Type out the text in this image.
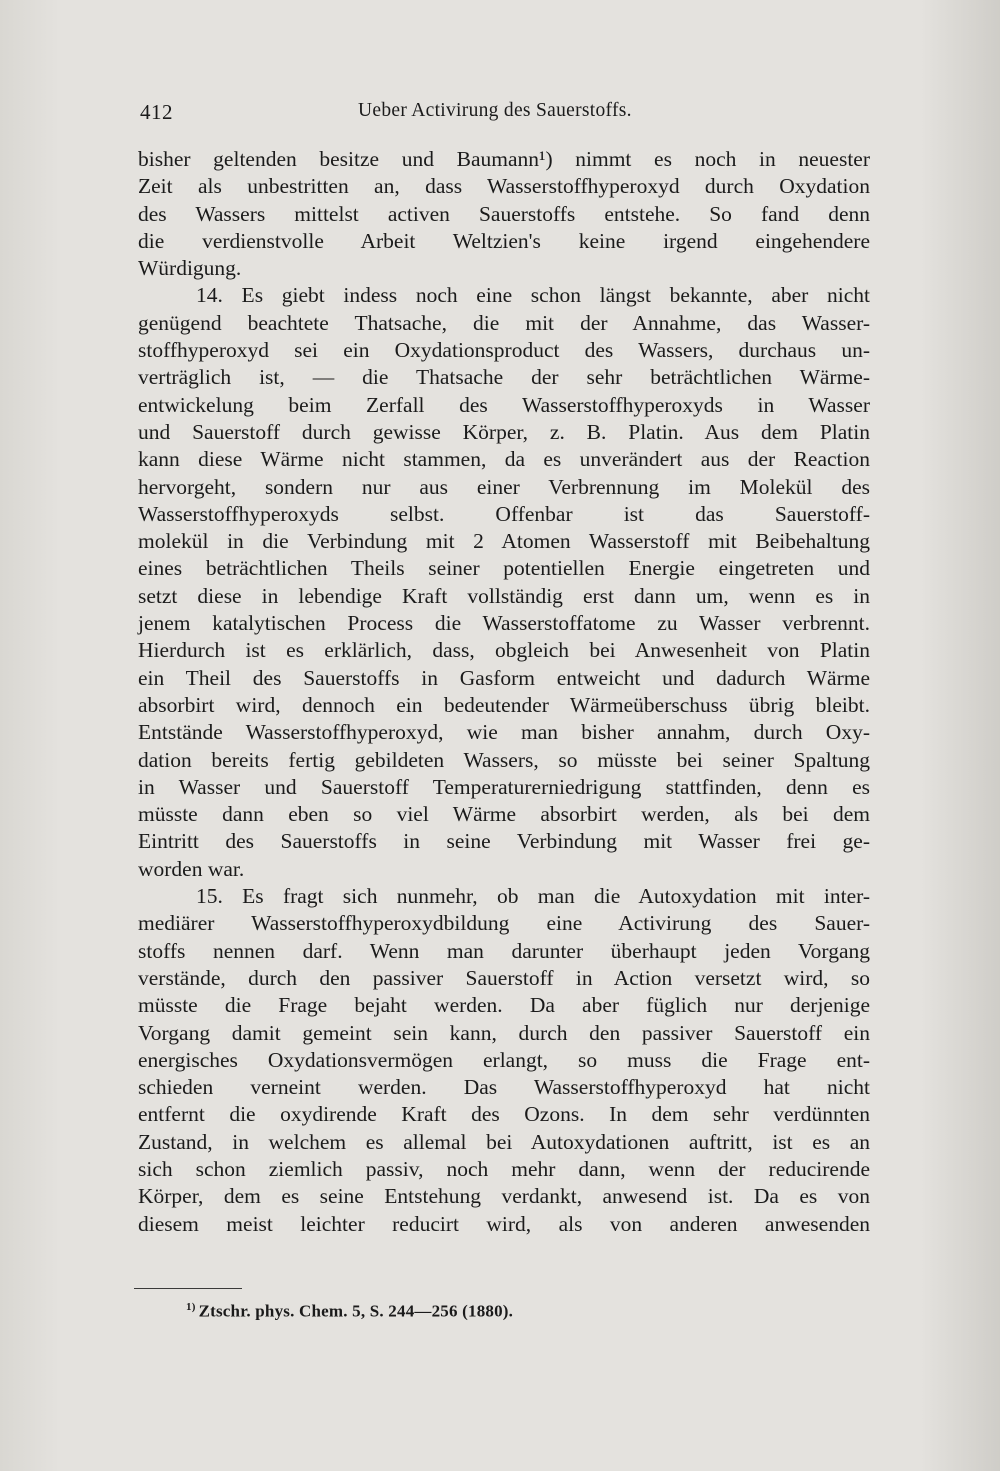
412	Ueber Activirung des Sauerstoffs.
bisher geltenden besitze und Baumann¹) nimmt es noch in neuester
Zeit als unbestritten an, dass Wasserstoffhyperoxyd durch Oxydation
des Wassers mittelst activen Sauerstoffs entstehe. So fand denn
die verdienstvolle Arbeit Weltzien's keine irgend eingehendere
Würdigung.
14. Es giebt indess noch eine schon längst bekannte, aber nicht
genügend beachtete Thatsache, die mit der Annahme, das Wasser-
stoffhyperoxyd sei ein Oxydationsproduct des Wassers, durchaus un-
verträglich ist, — die Thatsache der sehr beträchtlichen Wärme-
entwickelung beim Zerfall des Wasserstoffhyperoxyds in Wasser
und Sauerstoff durch gewisse Körper, z. B. Platin. Aus dem Platin
kann diese Wärme nicht stammen, da es unverändert aus der Reaction
hervorgeht, sondern nur aus einer Verbrennung im Molekül des
Wasserstoffhyperoxyds selbst. Offenbar ist das Sauerstoff-
molekül in die Verbindung mit 2 Atomen Wasserstoff mit Beibehaltung
eines beträchtlichen Theils seiner potentiellen Energie eingetreten und
setzt diese in lebendige Kraft vollständig erst dann um, wenn es in
jenem katalytischen Process die Wasserstoffatome zu Wasser verbrennt.
Hierdurch ist es erklärlich, dass, obgleich bei Anwesenheit von Platin
ein Theil des Sauerstoffs in Gasform entweicht und dadurch Wärme
absorbirt wird, dennoch ein bedeutender Wärmeüberschuss übrig bleibt.
Entstände Wasserstoffhyperoxyd, wie man bisher annahm, durch Oxy-
dation bereits fertig gebildeten Wassers, so müsste bei seiner Spaltung
in Wasser und Sauerstoff Temperaturerniedrigung stattfinden, denn es
müsste dann eben so viel Wärme absorbirt werden, als bei dem
Eintritt des Sauerstoffs in seine Verbindung mit Wasser frei ge-
worden war.
15. Es fragt sich nunmehr, ob man die Autoxydation mit inter-
mediärer Wasserstoffhyperoxydbildung eine Activirung des Sauer-
stoffs nennen darf. Wenn man darunter überhaupt jeden Vorgang
verstände, durch den passiver Sauerstoff in Action versetzt wird, so
müsste die Frage bejaht werden. Da aber füglich nur derjenige
Vorgang damit gemeint sein kann, durch den passiver Sauerstoff ein
energisches Oxydationsvermögen erlangt, so muss die Frage ent-
schieden verneint werden. Das Wasserstoffhyperoxyd hat nicht
entfernt die oxydirende Kraft des Ozons. In dem sehr verdünnten
Zustand, in welchem es allemal bei Autoxydationen auftritt, ist es an
sich schon ziemlich passiv, noch mehr dann, wenn der reducirende
Körper, dem es seine Entstehung verdankt, anwesend ist. Da es von
diesem meist leichter reducirt wird, als von anderen anwesenden
$^{1)}$ Ztschr. phys. Chem. 5, S. 244—256 (1880).
